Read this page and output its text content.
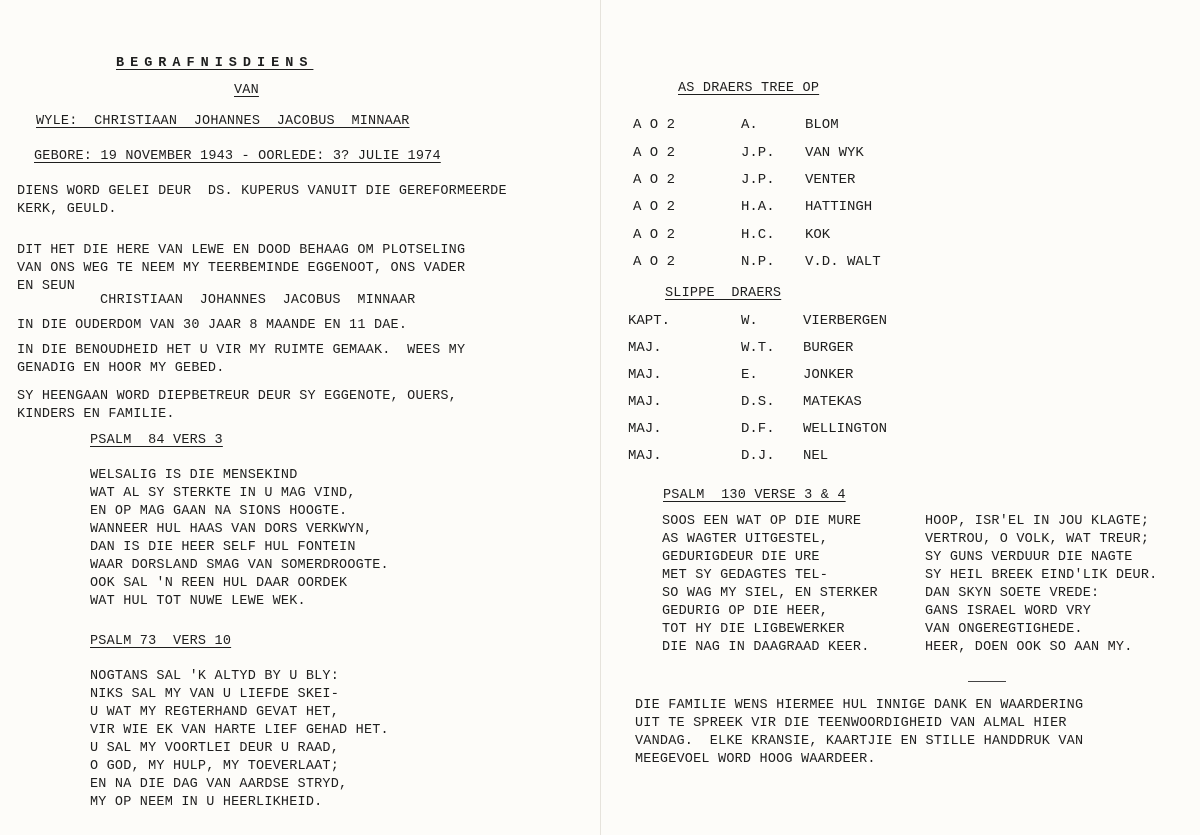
BEGRAFNISDIENS

VAN

WYLE:  CHRISTIAAN  JOHANNES  JACOBUS  MINNAAR

GEBORE: 19 NOVEMBER 1943 - OORLEDE: 3? JULIE 1974

DIENS WORD GELEI DEUR  DS. KUPERUS VANUIT DIE GEREFORMEERDE

KERK, GEULD.

DIT HET DIE HERE VAN LEWE EN DOOD BEHAAG OM PLOTSELING

VAN ONS WEG TE NEEM MY TEERBEMINDE EGGENOOT, ONS VADER

EN SEUN

CHRISTIAAN  JOHANNES  JACOBUS  MINNAAR

IN DIE OUDERDOM VAN 30 JAAR 8 MAANDE EN 11 DAE.

IN DIE BENOUDHEID HET U VIR MY RUIMTE GEMAAK.  WEES MY

GENADIG EN HOOR MY GEBED.

SY HEENGAAN WORD DIEPBETREUR DEUR SY EGGENOTE, OUERS,

KINDERS EN FAMILIE.

PSALM  84 VERS 3

WELSALIG IS DIE MENSEKIND

WAT AL SY STERKTE IN U MAG VIND,

EN OP MAG GAAN NA SIONS HOOGTE.

WANNEER HUL HAAS VAN DORS VERKWYN,

DAN IS DIE HEER SELF HUL FONTEIN

WAAR DORSLAND SMAG VAN SOMERDROOGTE.

OOK SAL 'N REEN HUL DAAR OORDEK

WAT HUL TOT NUWE LEWE WEK.

PSALM 73  VERS 10

NOGTANS SAL 'K ALTYD BY U BLY:

NIKS SAL MY VAN U LIEFDE SKEI-

U WAT MY REGTERHAND GEVAT HET,

VIR WIE EK VAN HARTE LIEF GEHAD HET.

U SAL MY VOORTLEI DEUR U RAAD,

O GOD, MY HULP, MY TOEVERLAAT;

EN NA DIE DAG VAN AARDSE STRYD,

MY OP NEEM IN U HEERLIKHEID.

AS DRAERS TREE OP

A O 2	A.	BLOM
A O 2	J.P. VAN WYK
A O 2	J.P. VENTER
A O 2	H.A. HATTINGH
A O 2	H.C. KOK
A O 2	N.P. V.D. WALT

SLIPPE  DRAERS

KAPT.	W.	VIERBERGEN
MAJ.	W.T. BURGER
MAJ.	E.	JONKER
MAJ.	D.S. MATEKAS
MAJ.	D.F. WELLINGTON
MAJ.	D.J. NEL

PSALM  130 VERSE 3 & 4

SOOS EEN WAT OP DIE MURE

AS WAGTER UITGESTEL,

GEDURIGDEUR DIE URE

MET SY GEDAGTES TEL-

SO WAG MY SIEL, EN STERKER

GEDURIG OP DIE HEER,

TOT HY DIE LIGBEWERKER

DIE NAG IN DAAGRAAD KEER.

HOOP, ISR'EL IN JOU KLAGTE;

VERTROU, O VOLK, WAT TREUR;

SY GUNS VERDUUR DIE NAGTE

SY HEIL BREEK EIND'LIK DEUR.

DAN SKYN SOETE VREDE:

GANS ISRAEL WORD VRY

VAN ONGEREGTIGHEDE.

HEER, DOEN OOK SO AAN MY.

DIE FAMILIE WENS HIERMEE HUL INNIGE DANK EN WAARDERING

UIT TE SPREEK VIR DIE TEENWOORDIGHEID VAN ALMAL HIER

VANDAG.  ELKE KRANSIE, KAARTJIE EN STILLE HANDDRUK VAN

MEEGEVOEL WORD HOOG WAARDEER.
